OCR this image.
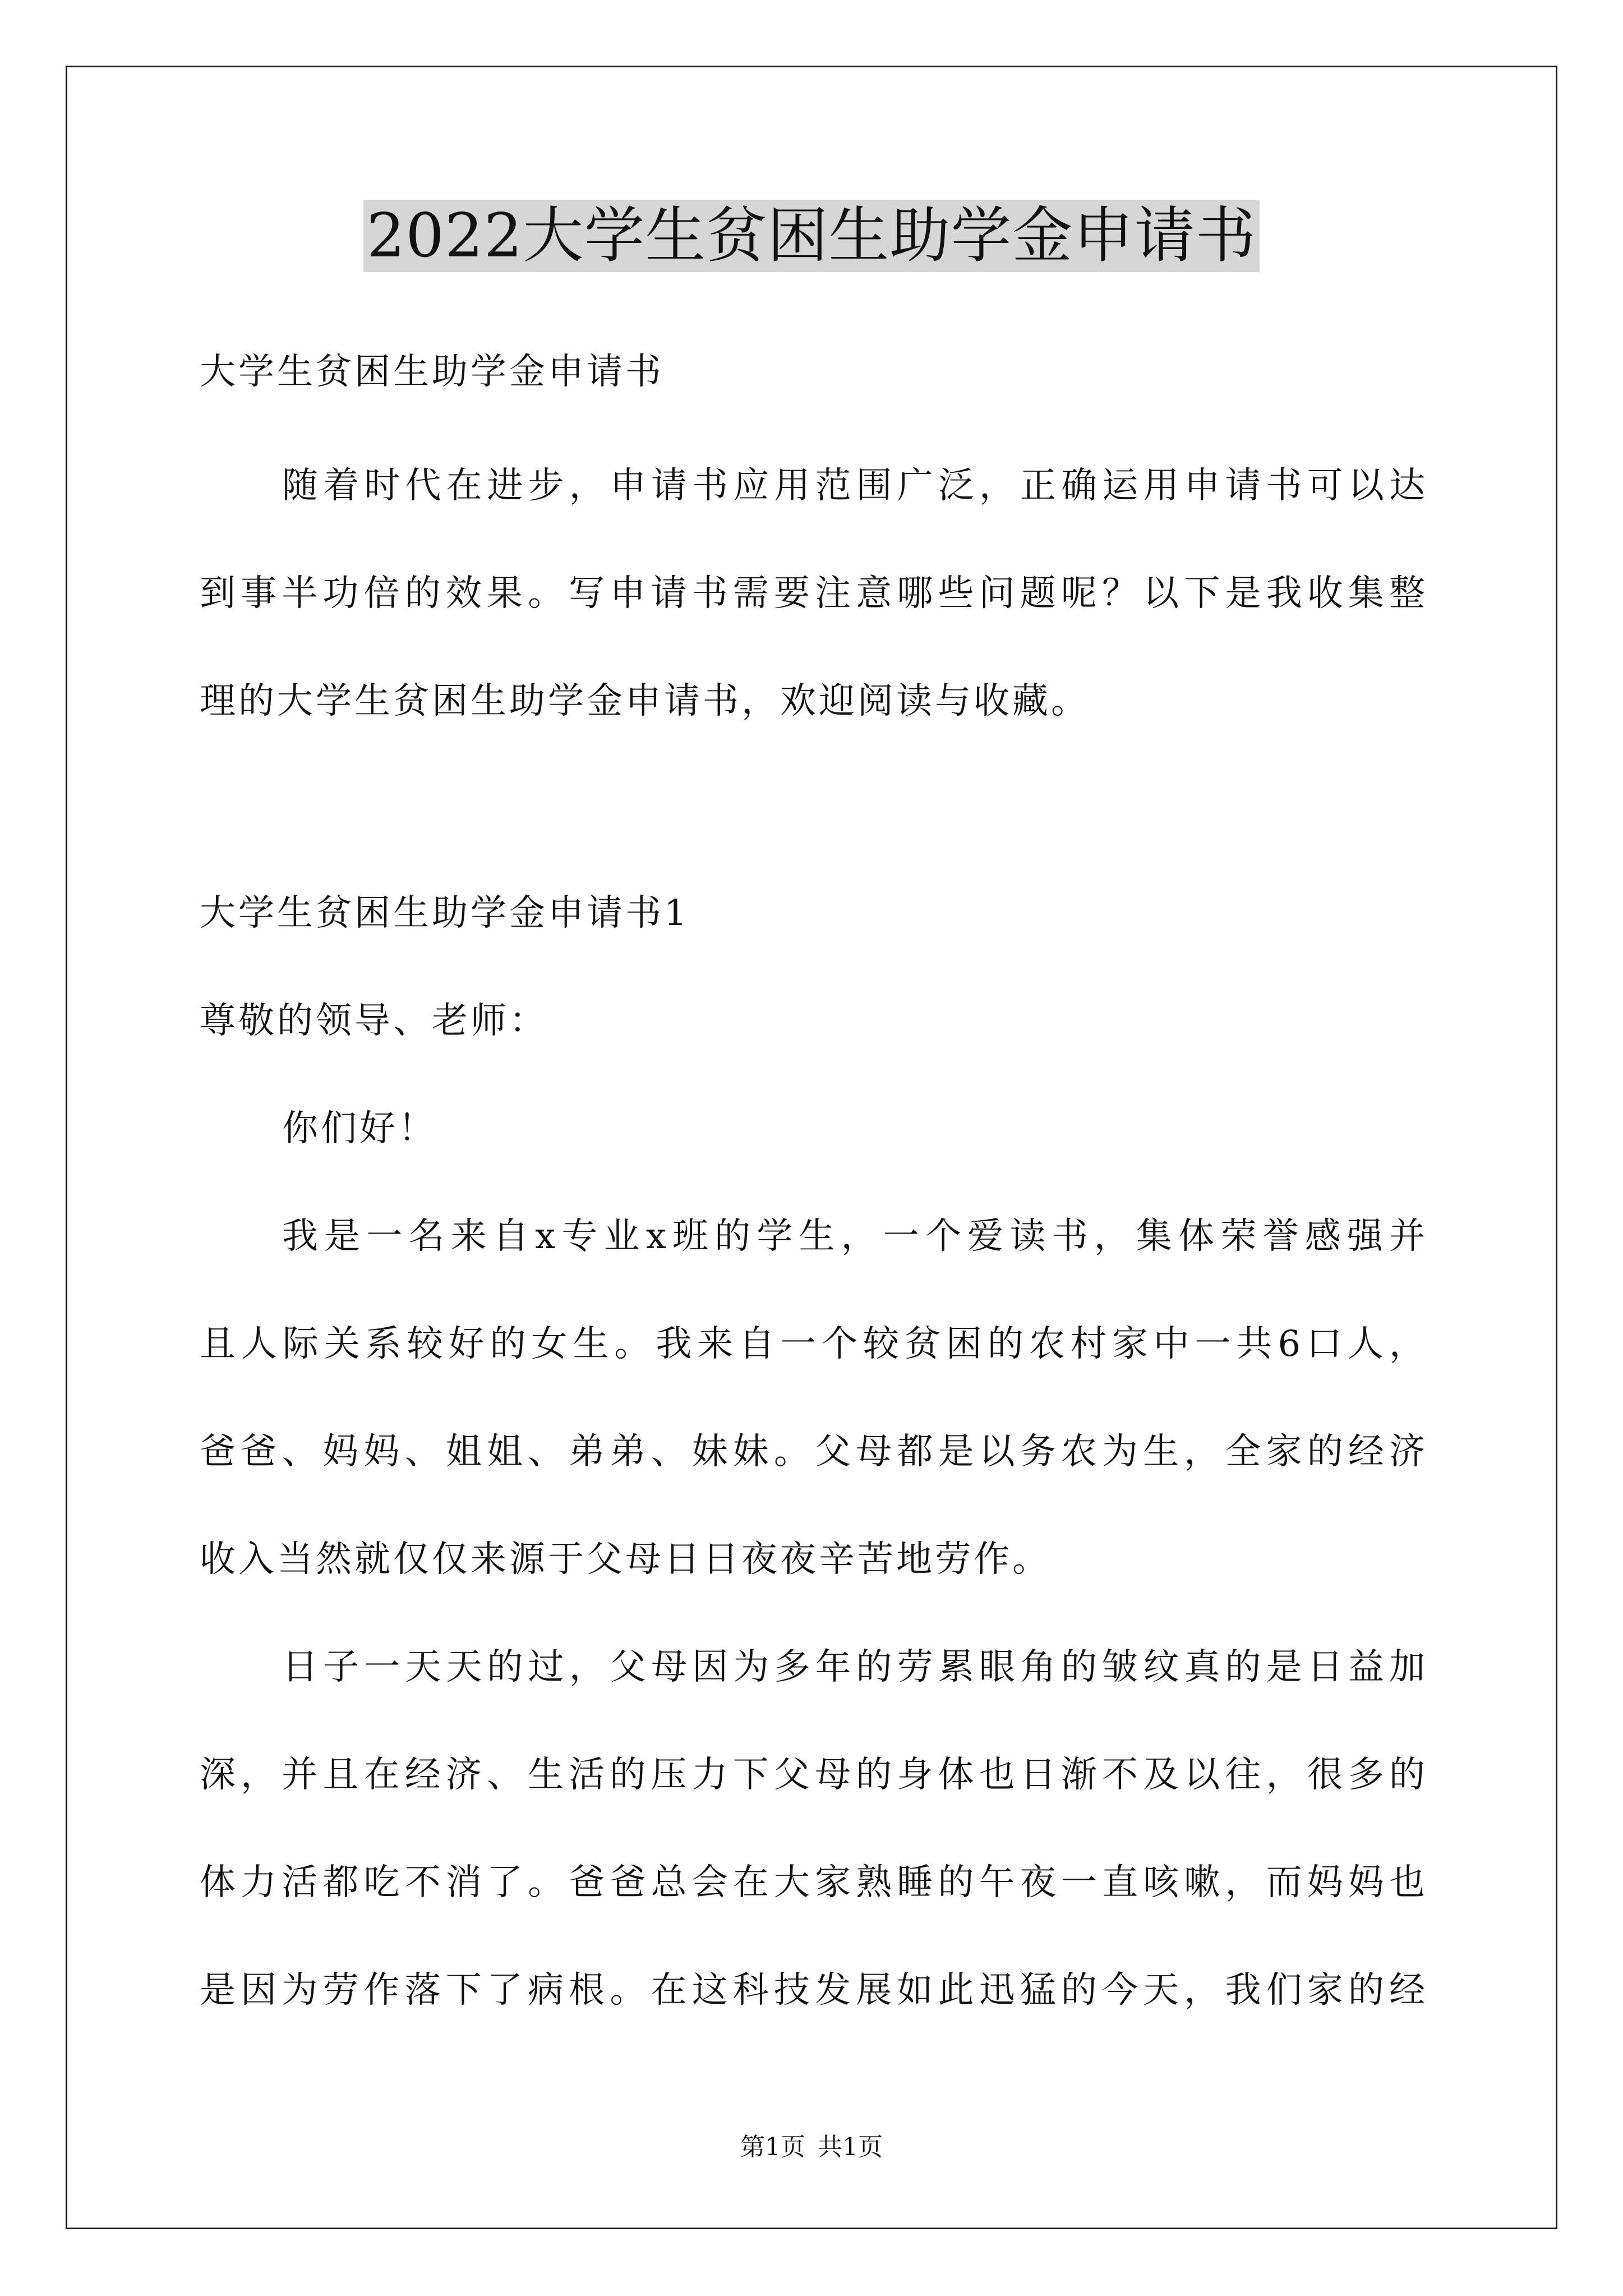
2022大学生贫困生助学金申请书
大学生贫困生助学金申请书
随着时代在进步，申请书应用范围广泛，正确运用申请书可以达
到事半功倍的效果。写申请书需要注意哪些问题呢？以下是我收集整
理的大学生贫困生助学金申请书，欢迎阅读与收藏。
大学生贫困生助学金申请书1
尊敬的领导、老师：
你们好！
我是一名来自x专业x班的学生，一个爱读书，集体荣誉感强并
且人际关系较好的女生。我来自一个较贫困的农村家中一共6口人，
爸爸、妈妈、姐姐、弟弟、妹妹。父母都是以务农为生，全家的经济
收入当然就仅仅来源于父母日日夜夜辛苦地劳作。
日子一天天的过，父母因为多年的劳累眼角的皱纹真的是日益加
深，并且在经济、生活的压力下父母的身体也日渐不及以往，很多的
体力活都吃不消了。爸爸总会在大家熟睡的午夜一直咳嗽，而妈妈也
是因为劳作落下了病根。在这科技发展如此迅猛的今天，我们家的经
第1页 共1页
